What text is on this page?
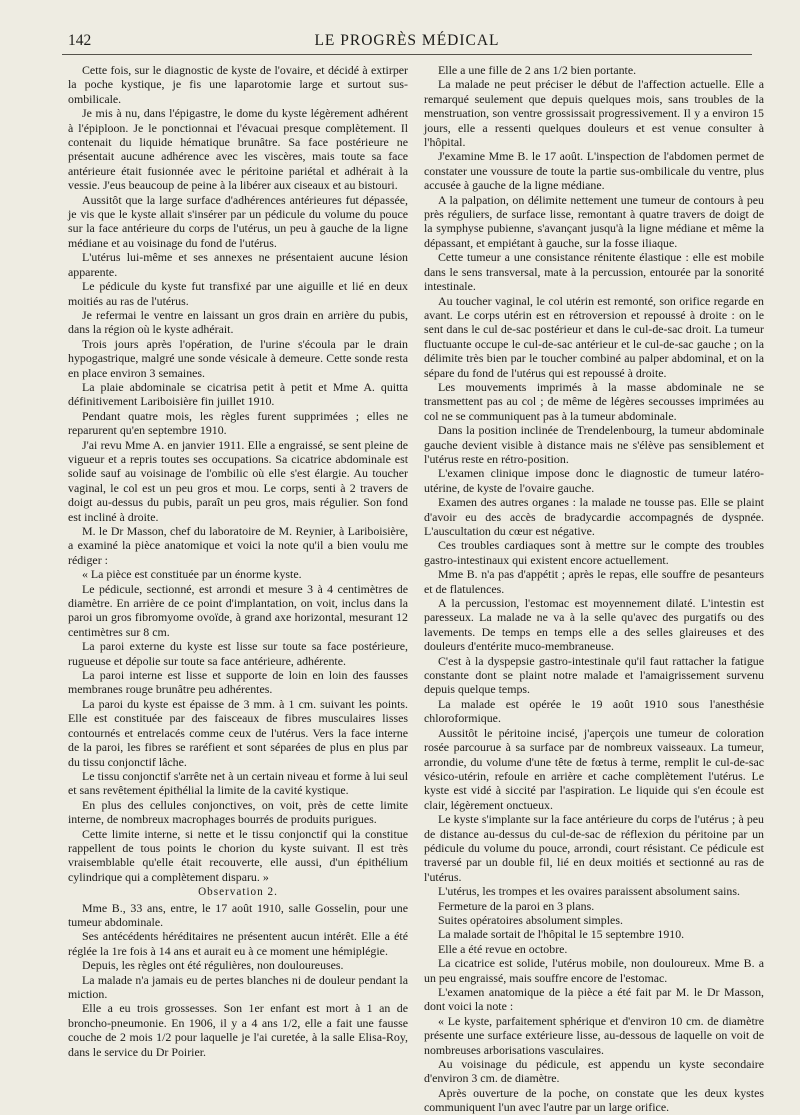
142	LE PROGRÈS MÉDICAL

Cette fois, sur le diagnostic de kyste de l'ovaire, et décidé à extirper la poche kystique, je fis une laparotomie large et surtout sus-ombilicale.

Je mis à nu, dans l'épigastre, le dome du kyste légèrement adhérent à l'épiploon. Je le ponctionnai et l'évacuai presque complètement. Il contenait du liquide hématique brunâtre. Sa face postérieure ne présentait aucune adhérence avec les viscères, mais toute sa face antérieure était fusionnée avec le péritoine pariétal et adhérait à la vessie. J'eus beaucoup de peine à la libérer aux ciseaux et au bistouri.

Aussitôt que la large surface d'adhérences antérieures fut dépassée, je vis que le kyste allait s'insérer par un pédicule du volume du pouce sur la face antérieure du corps de l'utérus, un peu à gauche de la ligne médiane et au voisinage du fond de l'utérus.

L'utérus lui-même et ses annexes ne présentaient aucune lésion apparente.

Le pédicule du kyste fut transfixé par une aiguille et lié en deux moitiés au ras de l'utérus.

Je refermai le ventre en laissant un gros drain en arrière du pubis, dans la région où le kyste adhérait.

Trois jours après l'opération, de l'urine s'écoula par le drain hypogastrique, malgré une sonde vésicale à demeure. Cette sonde resta en place environ 3 semaines.

La plaie abdominale se cicatrisa petit à petit et Mme A. quitta définitivement Lariboisière fin juillet 1910.

Pendant quatre mois, les règles furent supprimées ; elles ne reparurent qu'en septembre 1910.

J'ai revu Mme A. en janvier 1911. Elle a engraissé, se sent pleine de vigueur et a repris toutes ses occupations. Sa cicatrice abdominale est solide sauf au voisinage de l'ombilic où elle s'est élargie. Au toucher vaginal, le col est un peu gros et mou. Le corps, senti à 2 travers de doigt au-dessus du pubis, paraît un peu gros, mais régulier. Son fond est incliné à droite.

M. le Dr Masson, chef du laboratoire de M. Reynier, à Lariboisière, a examiné la pièce anatomique et voici la note qu'il a bien voulu me rédiger :

« La pièce est constituée par un énorme kyste.

Le pédicule, sectionné, est arrondi et mesure 3 à 4 centimètres de diamètre. En arrière de ce point d'implantation, on voit, inclus dans la paroi un gros fibromyome ovoïde, à grand axe horizontal, mesurant 12 centimètres sur 8 cm.

La paroi externe du kyste est lisse sur toute sa face postérieure, rugueuse et dépolie sur toute sa face antérieure, adhérente.

La paroi interne est lisse et supporte de loin en loin des fausses membranes rouge brunâtre peu adhérentes.

La paroi du kyste est épaisse de 3 mm. à 1 cm. suivant les points. Elle est constituée par des faisceaux de fibres musculaires lisses contournés et entrelacés comme ceux de l'utérus. Vers la face interne de la paroi, les fibres se raréfient et sont séparées de plus en plus par du tissu conjonctif lâche.

Le tissu conjonctif s'arrête net à un certain niveau et forme à lui seul et sans revêtement épithélial la limite de la cavité kystique.

En plus des cellules conjonctives, on voit, près de cette limite interne, de nombreux macrophages bourrés de produits purigues.

Cette limite interne, si nette et le tissu conjonctif qui la constitue rappellent de tous points le chorion du kyste suivant. Il est très vraisemblable qu'elle était recouverte, elle aussi, d'un épithélium cylindrique qui a complètement disparu. »

Observation 2.

Mme B., 33 ans, entre, le 17 août 1910, salle Gosselin, pour une tumeur abdominale.

Ses antécédents héréditaires ne présentent aucun intérêt. Elle a été réglée la 1re fois à 14 ans et aurait eu à ce moment une hémiplégie.

Depuis, les règles ont été régulières, non douloureuses.

La malade n'a jamais eu de pertes blanches ni de douleur pendant la miction.

Elle a eu trois grossesses. Son 1er enfant est mort à 1 an de broncho-pneumonie. En 1906, il y a 4 ans 1/2, elle a fait une fausse couche de 2 mois 1/2 pour laquelle je l'ai curetée, à la salle Elisa-Roy, dans le service du Dr Poirier.

Elle a une fille de 2 ans 1/2 bien portante.

La malade ne peut préciser le début de l'affection actuelle. Elle a remarqué seulement que depuis quelques mois, sans troubles de la menstruation, son ventre grossissait progressivement. Il y a environ 15 jours, elle a ressenti quelques douleurs et est venue consulter à l'hôpital.

J'examine Mme B. le 17 août. L'inspection de l'abdomen permet de constater une voussure de toute la partie sus-ombilicale du ventre, plus accusée à gauche de la ligne médiane.

A la palpation, on délimite nettement une tumeur de contours à peu près réguliers, de surface lisse, remontant à quatre travers de doigt de la symphyse pubienne, s'avançant jusqu'à la ligne médiane et même la dépassant, et empiétant à gauche, sur la fosse iliaque.

Cette tumeur a une consistance rénitente élastique : elle est mobile dans le sens transversal, mate à la percussion, entourée par la sonorité intestinale.

Au toucher vaginal, le col utérin est remonté, son orifice regarde en avant. Le corps utérin est en rétroversion et repoussé à droite : on le sent dans le cul de-sac postérieur et dans le cul-de-sac droit. La tumeur fluctuante occupe le cul-de-sac antérieur et le cul-de-sac gauche ; on la délimite très bien par le toucher combiné au palper abdominal, et on la sépare du fond de l'utérus qui est repoussé à droite.

Les mouvements imprimés à la masse abdominale ne se transmettent pas au col ; de même de légères secousses imprimées au col ne se communiquent pas à la tumeur abdominale.

Dans la position inclinée de Trendelenbourg, la tumeur abdominale gauche devient visible à distance mais ne s'élève pas sensiblement et l'utérus reste en rétro-position.

L'examen clinique impose donc le diagnostic de tumeur latéro-utérine, de kyste de l'ovaire gauche.

Examen des autres organes : la malade ne tousse pas. Elle se plaint d'avoir eu des accès de bradycardie accompagnés de dyspnée. L'auscultation du cœur est négative.

Ces troubles cardiaques sont à mettre sur le compte des troubles gastro-intestinaux qui existent encore actuellement.

Mme B. n'a pas d'appétit ; après le repas, elle souffre de pesanteurs et de flatulences.

A la percussion, l'estomac est moyennement dilaté. L'intestin est paresseux. La malade ne va à la selle qu'avec des purgatifs ou des lavements. De temps en temps elle a des selles glaireuses et des douleurs d'entérite muco-membraneuse.

C'est à la dyspepsie gastro-intestinale qu'il faut rattacher la fatigue constante dont se plaint notre malade et l'amaigrissement survenu depuis quelque temps.

La malade est opérée le 19 août 1910 sous l'anesthésie chloroformique.

Aussitôt le péritoine incisé, j'aperçois une tumeur de coloration rosée parcourue à sa surface par de nombreux vaisseaux. La tumeur, arrondie, du volume d'une tête de fœtus à terme, remplit le cul-de-sac vésico-utérin, refoule en arrière et cache complètement l'utérus. Le kyste est vidé à siccité par l'aspiration. Le liquide qui s'en écoule est clair, légèrement onctueux.

Le kyste s'implante sur la face antérieure du corps de l'utérus ; à peu de distance au-dessus du cul-de-sac de réflexion du péritoine par un pédicule du volume du pouce, arrondi, court résistant. Ce pédicule est traversé par un double fil, lié en deux moitiés et sectionné au ras de l'utérus.

L'utérus, les trompes et les ovaires paraissent absolument sains.

Fermeture de la paroi en 3 plans.

Suites opératoires absolument simples.

La malade sortait de l'hôpital le 15 septembre 1910.

Elle a été revue en octobre.

La cicatrice est solide, l'utérus mobile, non douloureux. Mme B. a un peu engraissé, mais souffre encore de l'estomac.

L'examen anatomique de la pièce a été fait par M. le Dr Masson, dont voici la note :

« Le kyste, parfaitement sphérique et d'environ 10 cm. de diamètre présente une surface extérieure lisse, au-dessous de laquelle on voit de nombreuses arborisations vasculaires.

Au voisinage du pédicule, est appendu un kyste secondaire d'environ 3 cm. de diamètre.

Après ouverture de la poche, on constate que les deux kystes communiquent l'un avec l'autre par un large orifice.
